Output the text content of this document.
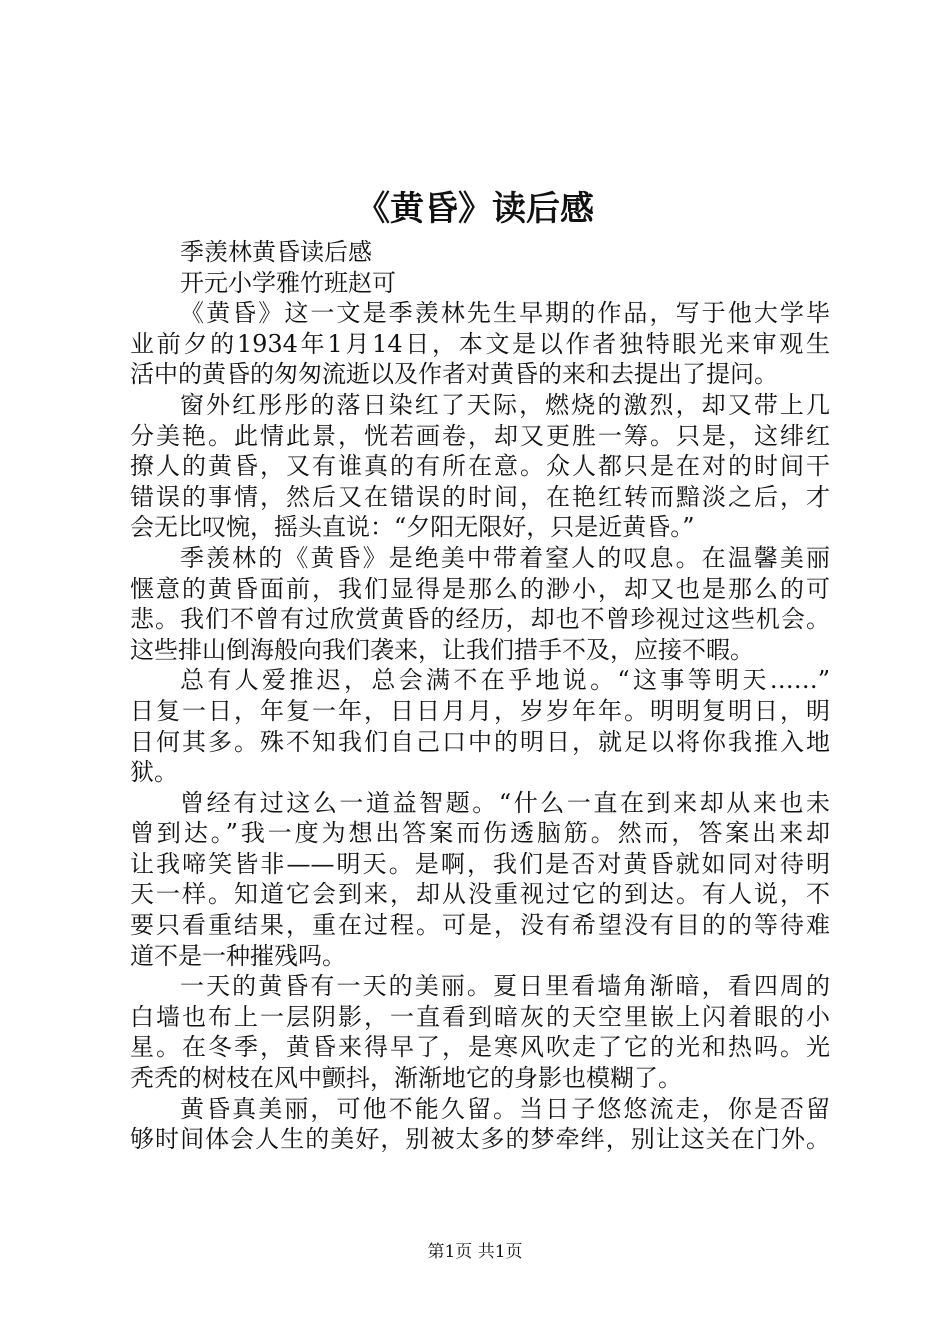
《黄昏》读后感
季羡林黄昏读后感
开元小学雅竹班赵可
《黄昏》这一文是季羡林先生早期的作品，写于他大学毕
业前夕的1934年1月14日，本文是以作者独特眼光来审观生
活中的黄昏的匆匆流逝以及作者对黄昏的来和去提出了提问。
窗外红彤彤的落日染红了天际，燃烧的激烈，却又带上几
分美艳。此情此景，恍若画卷，却又更胜一筹。只是，这绯红
撩人的黄昏，又有谁真的有所在意。众人都只是在对的时间干
错误的事情，然后又在错误的时间，在艳红转而黯淡之后，才
会无比叹惋，摇头直说：“夕阳无限好，只是近黄昏。”
季羡林的《黄昏》是绝美中带着窒人的叹息。在温馨美丽
惬意的黄昏面前，我们显得是那么的渺小，却又也是那么的可
悲。我们不曾有过欣赏黄昏的经历，却也不曾珍视过这些机会。
这些排山倒海般向我们袭来，让我们措手不及，应接不暇。
总有人爱推迟，总会满不在乎地说。“这事等明天……”
日复一日，年复一年，日日月月，岁岁年年。明明复明日，明
日何其多。殊不知我们自己口中的明日，就足以将你我推入地
狱。
曾经有过这么一道益智题。“什么一直在到来却从来也未
曾到达。”我一度为想出答案而伤透脑筋。然而，答案出来却
让我啼笑皆非——明天。是啊，我们是否对黄昏就如同对待明
天一样。知道它会到来，却从没重视过它的到达。有人说，不
要只看重结果，重在过程。可是，没有希望没有目的的等待难
道不是一种摧残吗。
一天的黄昏有一天的美丽。夏日里看墙角渐暗，看四周的
白墙也布上一层阴影，一直看到暗灰的天空里嵌上闪着眼的小
星。在冬季，黄昏来得早了，是寒风吹走了它的光和热吗。光
秃秃的树枝在风中颤抖，渐渐地它的身影也模糊了。
黄昏真美丽，可他不能久留。当日子悠悠流走，你是否留
够时间体会人生的美好，别被太多的梦牵绊，别让这关在门外。
第1页 共1页
